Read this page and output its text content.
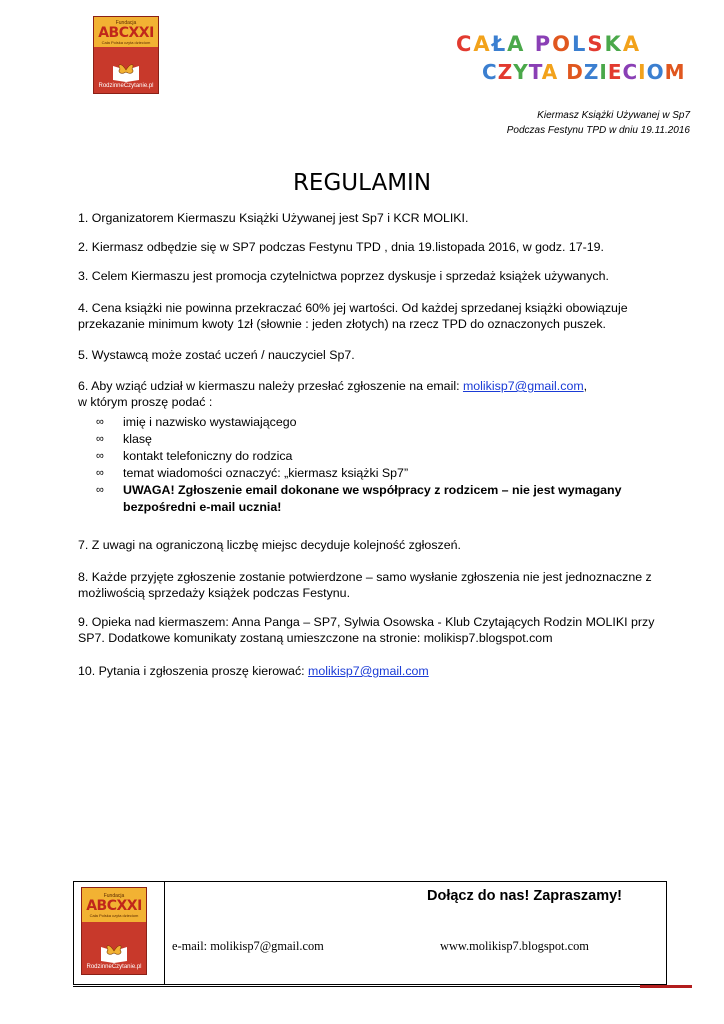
Fundacja
ABCXXI
Cała Polska czyta dzieciom
RodzinneCzytanie.pl
CAŁA POLSKA
CZYTA DZIECIOM
Kiermasz Książki Używanej w Sp7
Podczas Festynu TPD w dniu 19.11.2016
REGULAMIN
1. Organizatorem Kiermaszu Książki Używanej jest Sp7 i KCR MOLIKI.
2. Kiermasz odbędzie się w SP7 podczas Festynu TPD , dnia 19.listopada 2016, w godz. 17-19.
3. Celem Kiermaszu jest promocja czytelnictwa poprzez dyskusje i sprzedaż książek używanych.
4. Cena książki nie powinna przekraczać 60% jej wartości. Od każdej sprzedanej książki obowiązuje
przekazanie minimum kwoty 1zł (słownie : jeden złotych) na rzecz TPD do oznaczonych puszek.
5. Wystawcą może zostać uczeń / nauczyciel Sp7.
6. Aby wziąć udział w kiermaszu należy przesłać zgłoszenie na email: molikisp7@gmail.com,
w którym proszę podać :
∞ imię i nazwisko wystawiającego
∞ klasę
∞ kontakt telefoniczny do rodzica
∞ temat wiadomości oznaczyć: „kiermasz książki Sp7”
∞ UWAGA! Zgłoszenie email dokonane we współpracy z rodzicem – nie jest wymagany
bezpośredni e-mail ucznia!
7. Z uwagi na ograniczoną liczbę miejsc decyduje kolejność zgłoszeń.
8. Każde przyjęte zgłoszenie zostanie potwierdzone – samo wysłanie zgłoszenia nie jest jednoznaczne z
możliwością sprzedaży książek podczas Festynu.
9. Opieka nad kiermaszem: Anna Panga – SP7, Sylwia Osowska - Klub Czytających Rodzin MOLIKI przy
SP7. Dodatkowe komunikaty zostaną umieszczone na stronie: molikisp7.blogspot.com
10. Pytania i zgłoszenia proszę kierować: molikisp7@gmail.com
Fundacja
ABCXXI
Cała Polska czyta dzieciom
RodzinneCzytanie.pl
Dołącz do nas! Zapraszamy!
e-mail: molikisp7@gmail.com	www.molikisp7.blogspot.com
